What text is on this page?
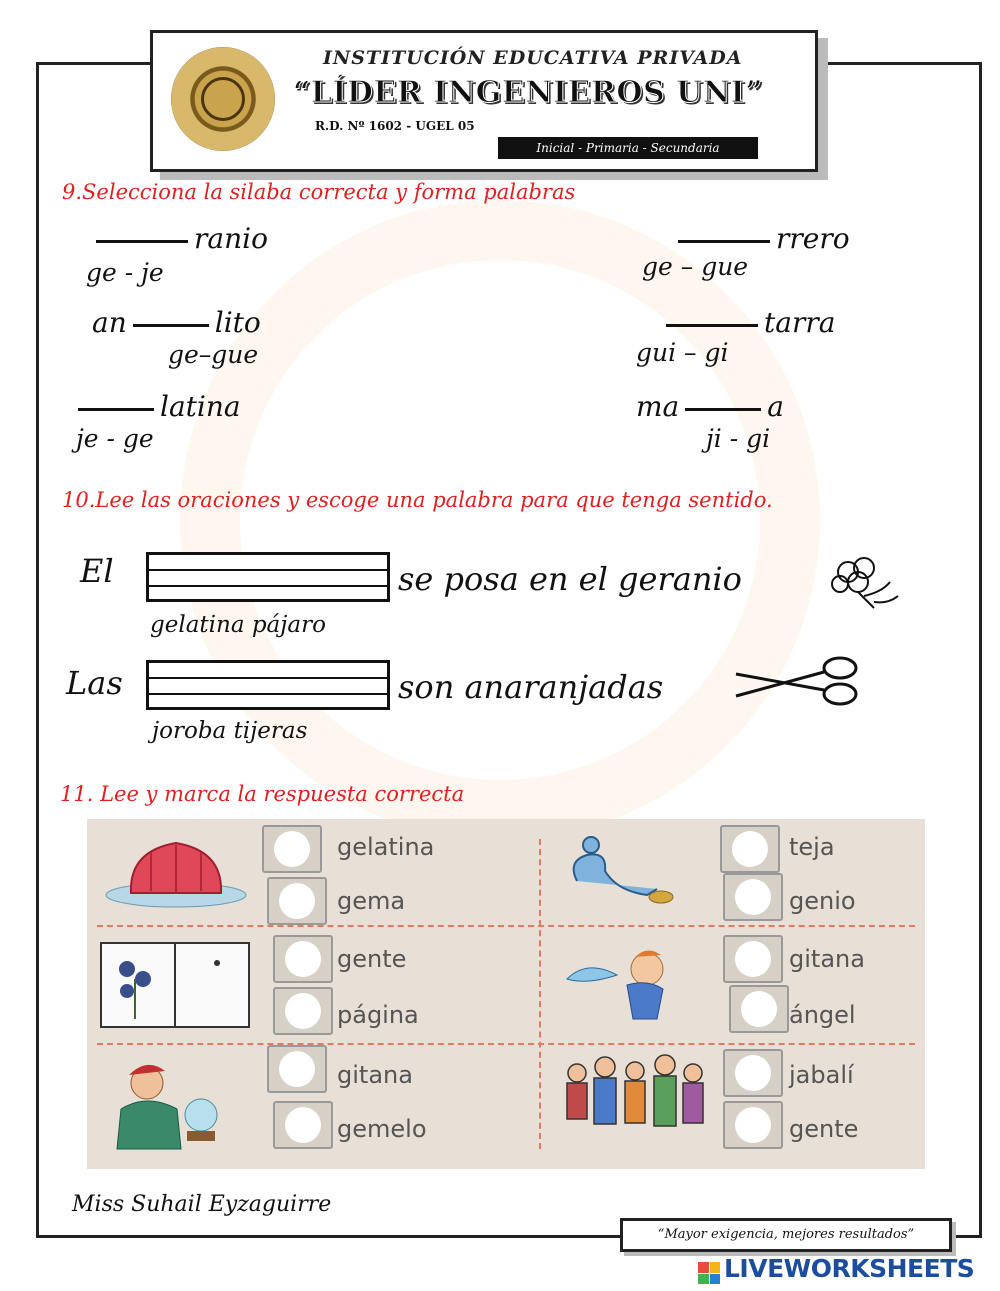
INSTITUCIÓN EDUCATIVA PRIVADA
“LÍDER INGENIEROS UNI”
R.D. Nº 1602 - UGEL 05
Inicial - Primaria - Secundaria
9.Selecciona la silaba correcta y forma palabras
ranio
ge - je
rrero
ge – gue
an	lito
ge–gue
tarra
gui – gi
latina
je - ge
ma	a
ji - gi
10.Lee las oraciones y escoge una palabra para que tenga sentido.
El	se posa en el geranio
gelatina pájaro
Las	son anaranjadas
joroba tijeras
11. Lee y marca la respuesta correcta
gelatina
gema
teja
genio
gente
página
gitana
ángel
gitana
gemelo
jabalí
gente
Miss Suhail Eyzaguirre
“Mayor exigencia, mejores resultados”
LIVEWORKSHEETS
